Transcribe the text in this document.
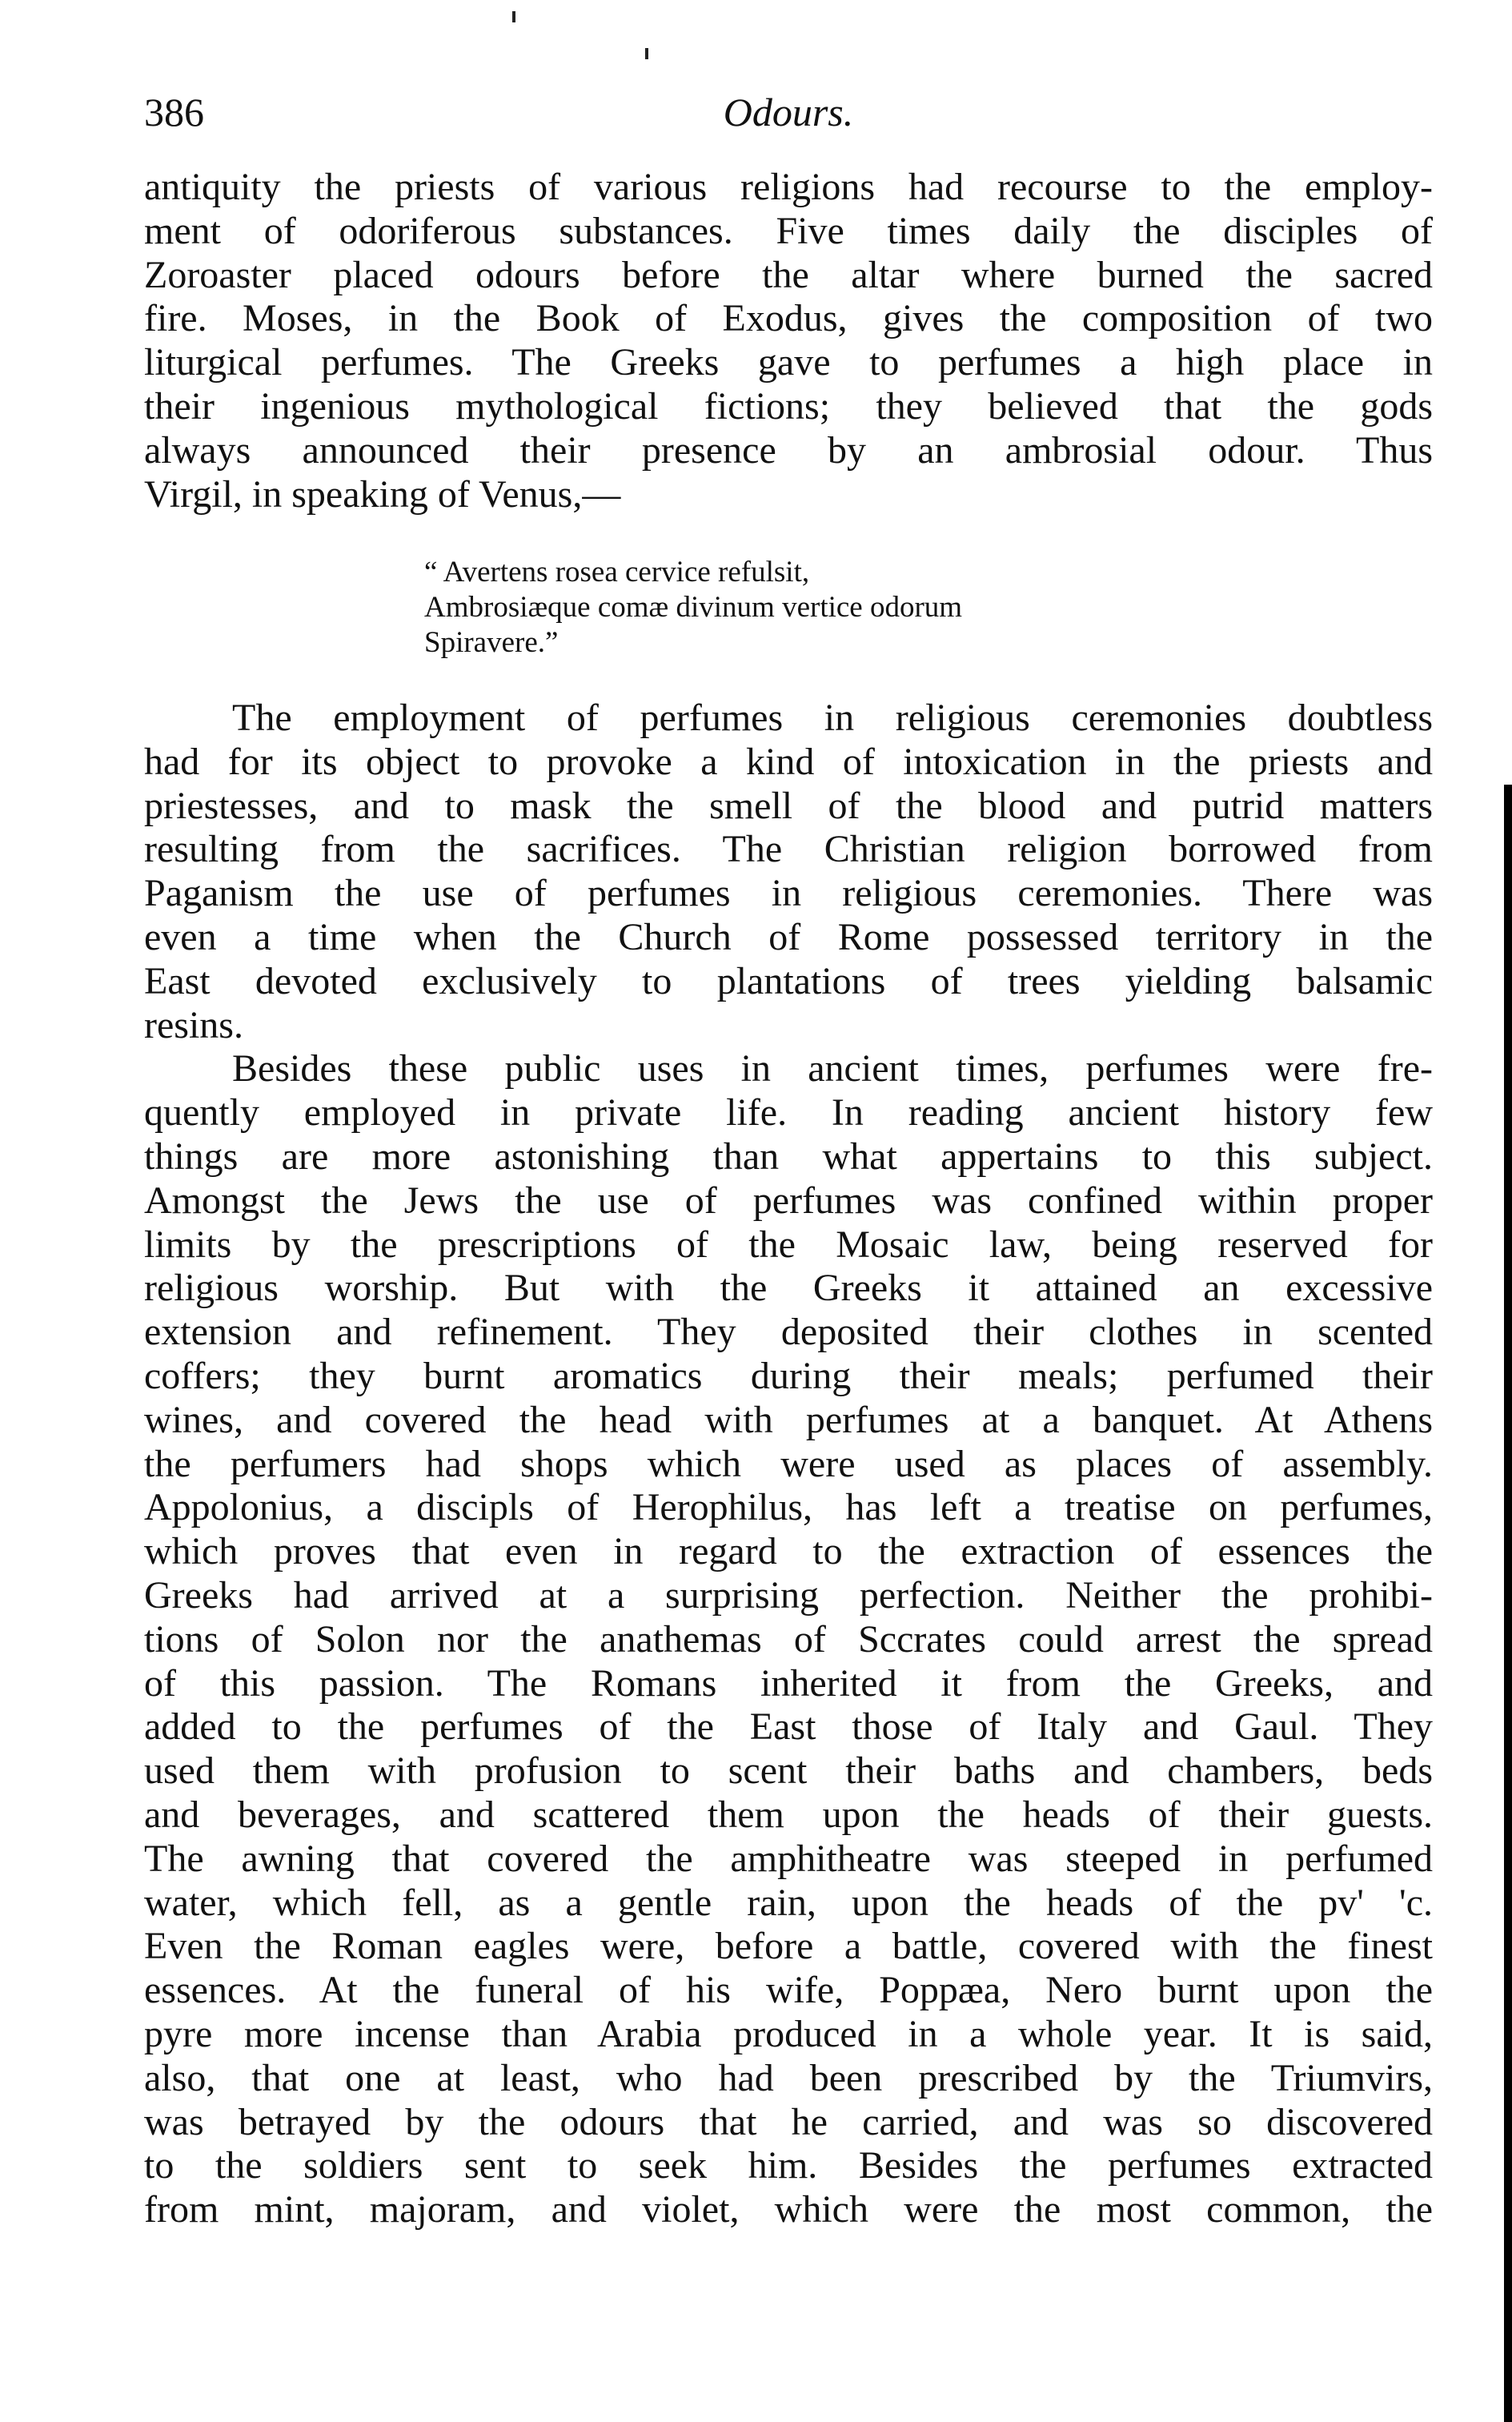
386	Odours.
antiquity the priests of various religions had recourse to the employ-
ment of odoriferous substances. Five times daily the disciples of
Zoroaster placed odours before the altar where burned the sacred
fire. Moses, in the Book of Exodus, gives the composition of two
liturgical perfumes. The Greeks gave to perfumes a high place in
their ingenious mythological fictions; they believed that the gods
always announced their presence by an ambrosial odour. Thus
Virgil, in speaking of Venus,—
“ Avertens rosea cervice refulsit,
Ambrosiæque comæ divinum vertice odorum
Spiravere.”
The employment of perfumes in religious ceremonies doubtless
had for its object to provoke a kind of intoxication in the priests and
priestesses, and to mask the smell of the blood and putrid matters
resulting from the sacrifices. The Christian religion borrowed from
Paganism the use of perfumes in religious ceremonies. There was
even a time when the Church of Rome possessed territory in the
East devoted exclusively to plantations of trees yielding balsamic
resins.
Besides these public uses in ancient times, perfumes were fre-
quently employed in private life. In reading ancient history few
things are more astonishing than what appertains to this subject.
Amongst the Jews the use of perfumes was confined within proper
limits by the prescriptions of the Mosaic law, being reserved for
religious worship. But with the Greeks it attained an excessive
extension and refinement. They deposited their clothes in scented
coffers; they burnt aromatics during their meals; perfumed their
wines, and covered the head with perfumes at a banquet. At Athens
the perfumers had shops which were used as places of assembly.
Appolonius, a discipls of Herophilus, has left a treatise on perfumes,
which proves that even in regard to the extraction of essences the
Greeks had arrived at a surprising perfection. Neither the prohibi-
tions of Solon nor the anathemas of Sccrates could arrest the spread
of this passion. The Romans inherited it from the Greeks, and
added to the perfumes of the East those of Italy and Gaul. They
used them with profusion to scent their baths and chambers, beds
and beverages, and scattered them upon the heads of their guests.
The awning that covered the amphitheatre was steeped in perfumed
water, which fell, as a gentle rain, upon the heads of the pv' 'c.
Even the Roman eagles were, before a battle, covered with the finest
essences. At the funeral of his wife, Poppæa, Nero burnt upon the
pyre more incense than Arabia produced in a whole year. It is said,
also, that one at least, who had been prescribed by the Triumvirs,
was betrayed by the odours that he carried, and was so discovered
to the soldiers sent to seek him. Besides the perfumes extracted
from mint, majoram, and violet, which were the most common, the
